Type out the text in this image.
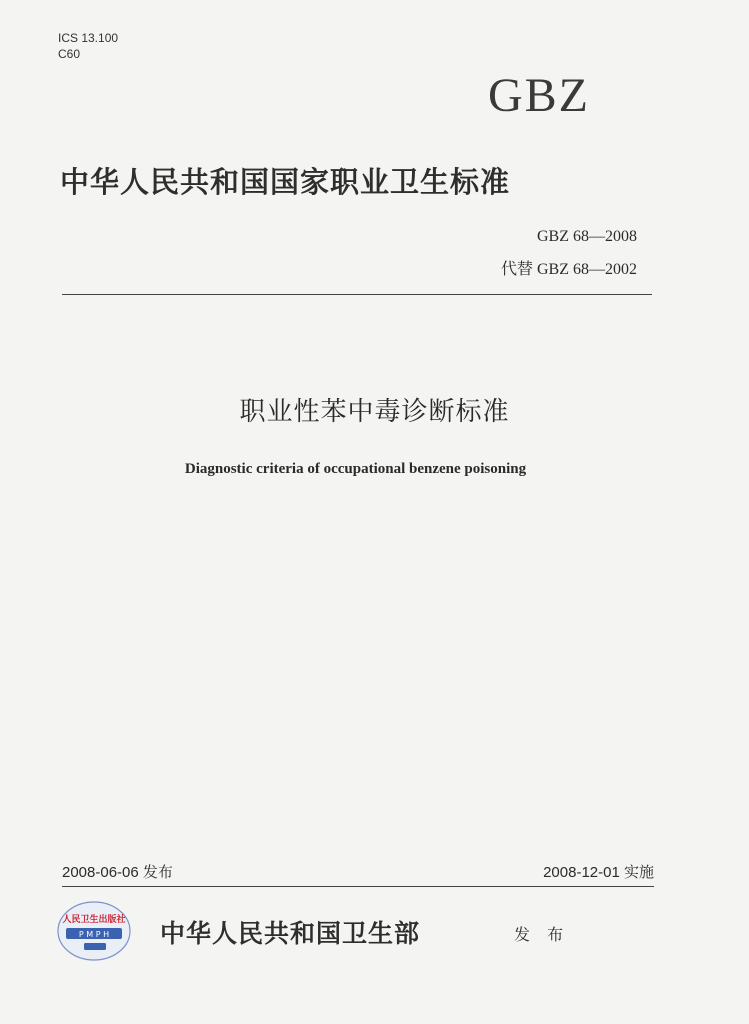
ICS 13.100
C60
GBZ
中华人民共和国国家职业卫生标准
GBZ 68—2008
代替 GBZ 68—2002
职业性苯中毒诊断标准
Diagnostic criteria of occupational benzene poisoning
2008-06-06 发布	2008-12-01 实施
人民卫生出版社
P M P H 中华人民共和国卫生部	发 布
